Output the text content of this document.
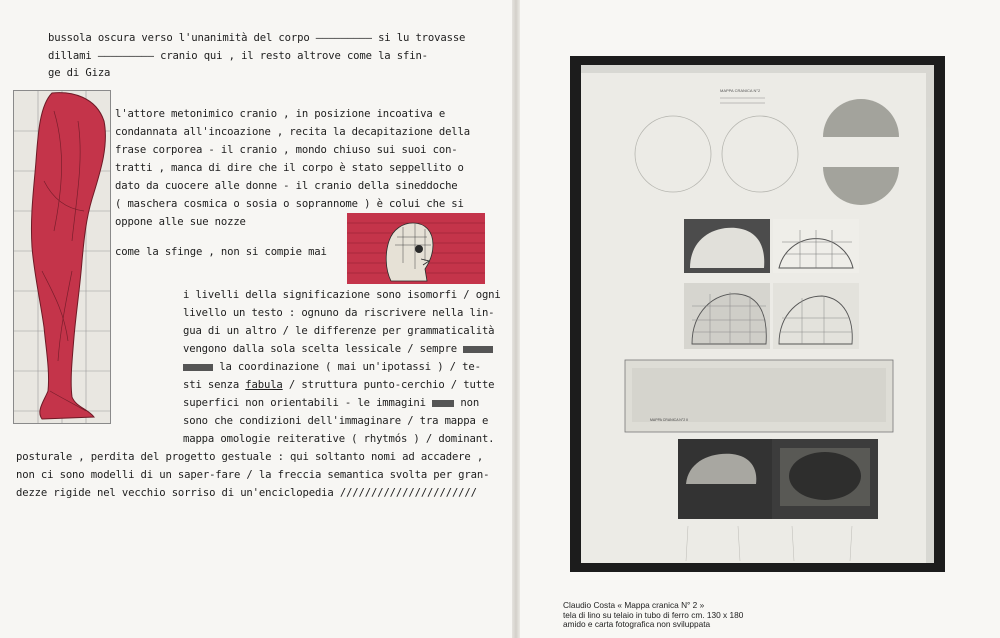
bussola oscura verso l'unanimità del corpo ————————— si lu trovasse

dillami ————————— cranio qui , il resto altrove come la sfin-

ge di Giza

l'attore metonimico cranio , in posizione incoativa e

condannata all'incoazione , recita la decapitazione della

frase corporea - il cranio , mondo chiuso sui suoi con-

tratti , manca di dire che il corpo è stato seppellito o

dato da cuocere alle donne - il cranio della sineddoche

( maschera cosmica o sosia o soprannome ) è colui che si

oppone alle sue nozze

come la sfinge , non si compie mai

i livelli della significazione sono isomorfi / ogni

livello un testo : ognuno da riscrivere nella lin-

gua di un altro / le differenze per grammaticalità

vengono dalla sola scelta lessicale / sempre

la coordinazione ( mai un'ipotassi ) / te-

sti senza fabula / struttura punto-cerchio / tutte

superfici non orientabili - le immagini	non

sono che condizioni dell'immaginare / tra mappa e

mappa omologie reiterative ( rhytmós ) / dominant.

posturale , perdita del progetto gestuale : qui soltanto nomi ad accadere ,

non ci sono modelli di un saper-fare / la freccia semantica svolta per gran-

dezze rigide nel vecchio sorriso di un'enciclopedia //////////////////////

MAPPA CRANICA N°2
MAPPA CRANICA N°2 II

Claudio Costa « Mappa cranica N° 2 »
tela di lino su telaio in tubo di ferro cm. 130 x 180
amido e carta fotografica non sviluppata
